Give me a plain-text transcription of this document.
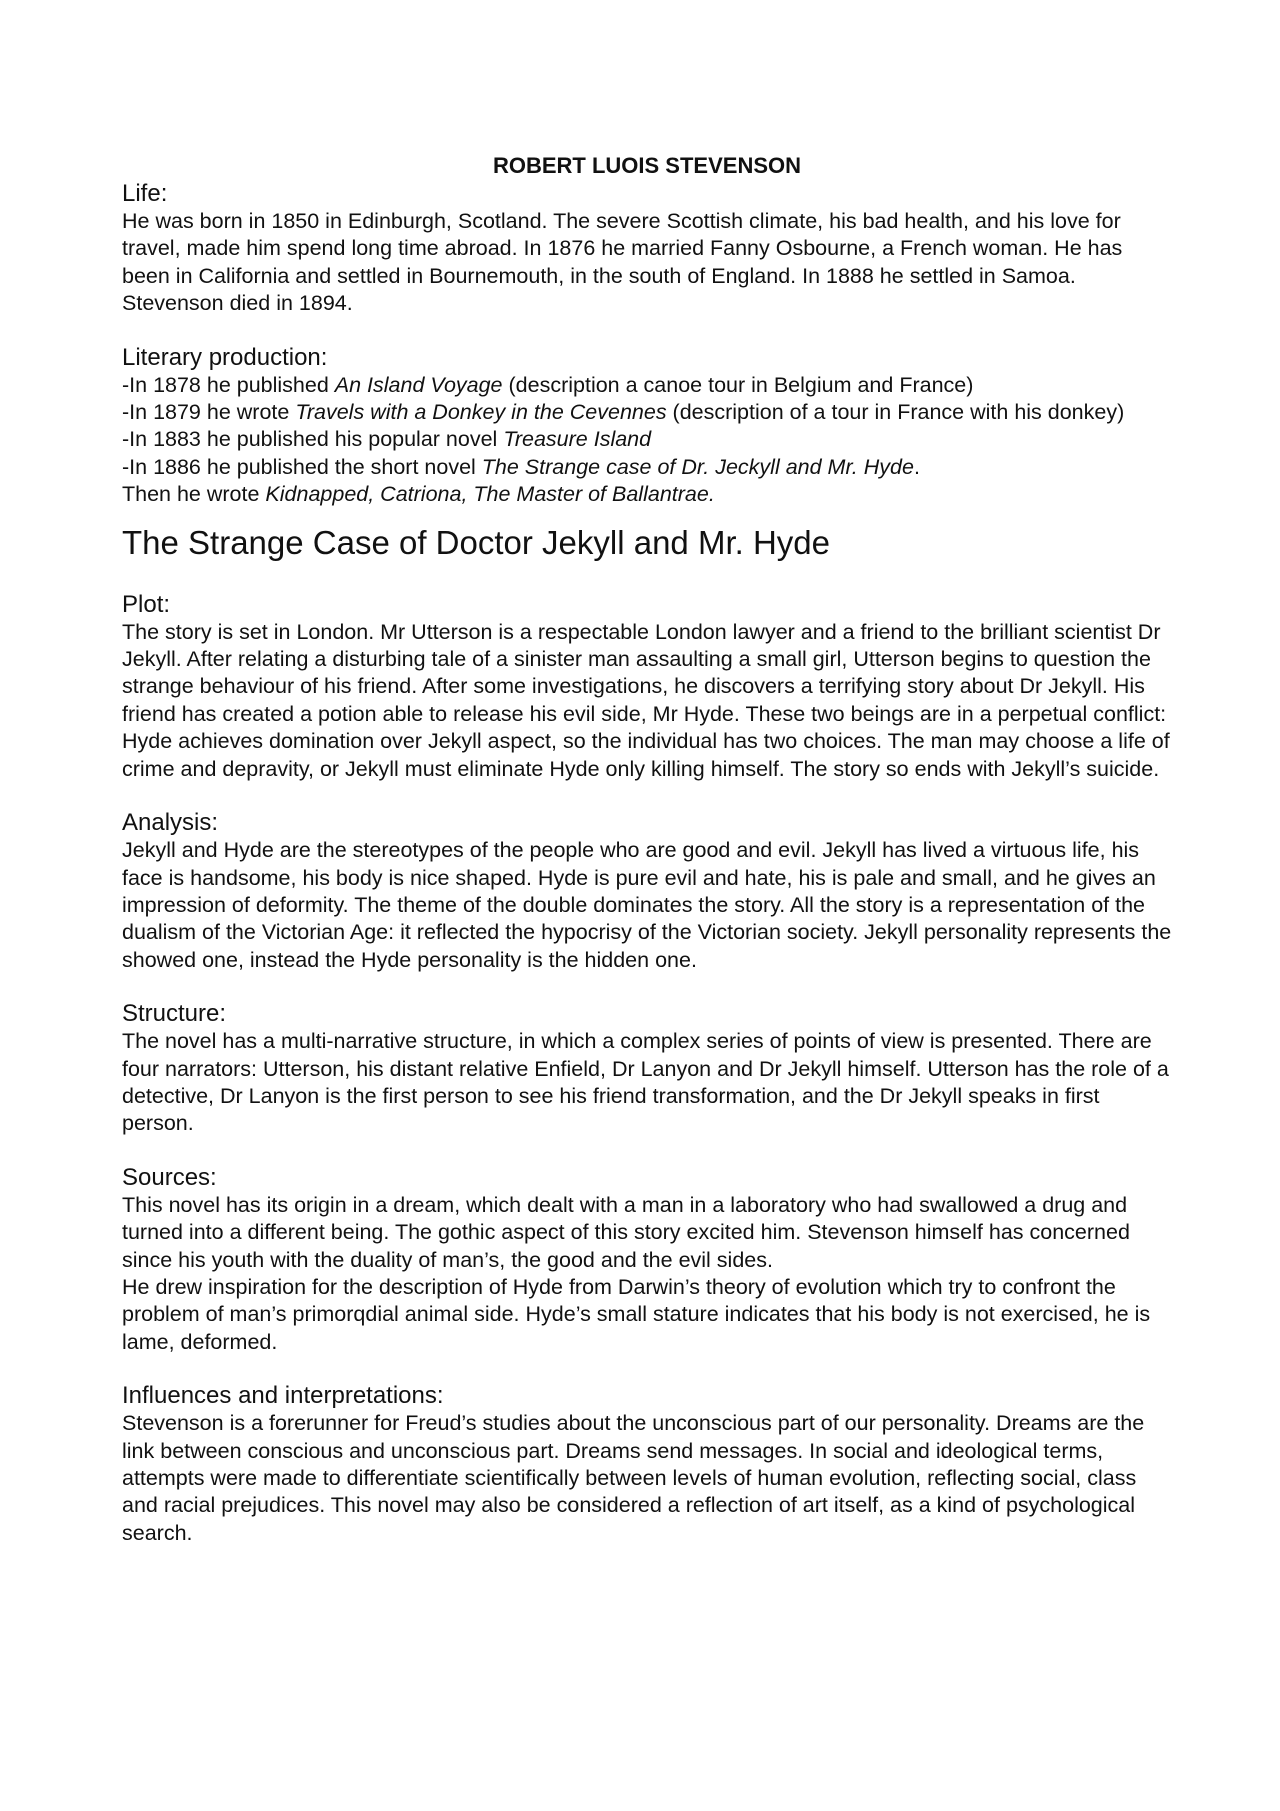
ROBERT LUOIS STEVENSON
Life:

He was born in 1850 in Edinburgh, Scotland. The severe Scottish climate, his bad health, and his love for travel, made him spend long time abroad. In 1876 he married Fanny Osbourne, a French woman. He has been in California and settled in Bournemouth, in the south of England. In 1888 he settled in Samoa. Stevenson died in 1894.

Literary production:
-In 1878 he published An Island Voyage (description a canoe tour in Belgium and France)
-In 1879 he wrote Travels with a Donkey in the Cevennes (description of a tour in France with his donkey)
-In 1883 he published his popular novel Treasure Island
-In 1886 he published the short novel The Strange case of Dr. Jeckyll and Mr. Hyde.
Then he wrote Kidnapped, Catriona, The Master of Ballantrae.
The Strange Case of Doctor Jekyll and Mr. Hyde
Plot:

The story is set in London. Mr Utterson is a respectable London lawyer and a friend to the brilliant scientist Dr Jekyll. After relating a disturbing tale of a sinister man assaulting a small girl, Utterson begins to question the strange behaviour of his friend. After some investigations, he discovers a terrifying story about Dr Jekyll. His friend has created a potion able to release his evil side, Mr Hyde. These two beings are in a perpetual conflict: Hyde achieves domination over Jekyll aspect, so the individual has two choices. The man may choose a life of crime and depravity, or Jekyll must eliminate Hyde only killing himself. The story so ends with Jekyll’s suicide.

Analysis:

Jekyll and Hyde are the stereotypes of the people who are good and evil. Jekyll has lived a virtuous life, his face is handsome, his body is nice shaped. Hyde is pure evil and hate, his is pale and small, and he gives an impression of deformity. The theme of the double dominates the story. All the story is a representation of the dualism of the Victorian Age: it reflected the hypocrisy of the Victorian society. Jekyll personality represents the showed one, instead the Hyde personality is the hidden one.

Structure:

The novel has a multi-narrative structure, in which a complex series of points of view is presented. There are four narrators: Utterson, his distant relative Enfield, Dr Lanyon and Dr Jekyll himself. Utterson has the role of a detective, Dr Lanyon is the first person to see his friend transformation, and the Dr Jekyll speaks in first person.

Sources:

This novel has its origin in a dream, which dealt with a man in a laboratory who had swallowed a drug and turned into a different being. The gothic aspect of this story excited him. Stevenson himself has concerned since his youth with the duality of man’s, the good and the evil sides.

He drew inspiration for the description of Hyde from Darwin’s theory of evolution which try to confront the problem of man’s primorqdial animal side. Hyde’s small stature indicates that his body is not exercised, he is lame, deformed.

Influences and interpretations:

Stevenson is a forerunner for Freud’s studies about the unconscious part of our personality. Dreams are the link between conscious and unconscious part. Dreams send messages. In social and ideological terms, attempts were made to differentiate scientifically between levels of human evolution, reflecting social, class and racial prejudices. This novel may also be considered a reflection of art itself, as a kind of psychological search.
